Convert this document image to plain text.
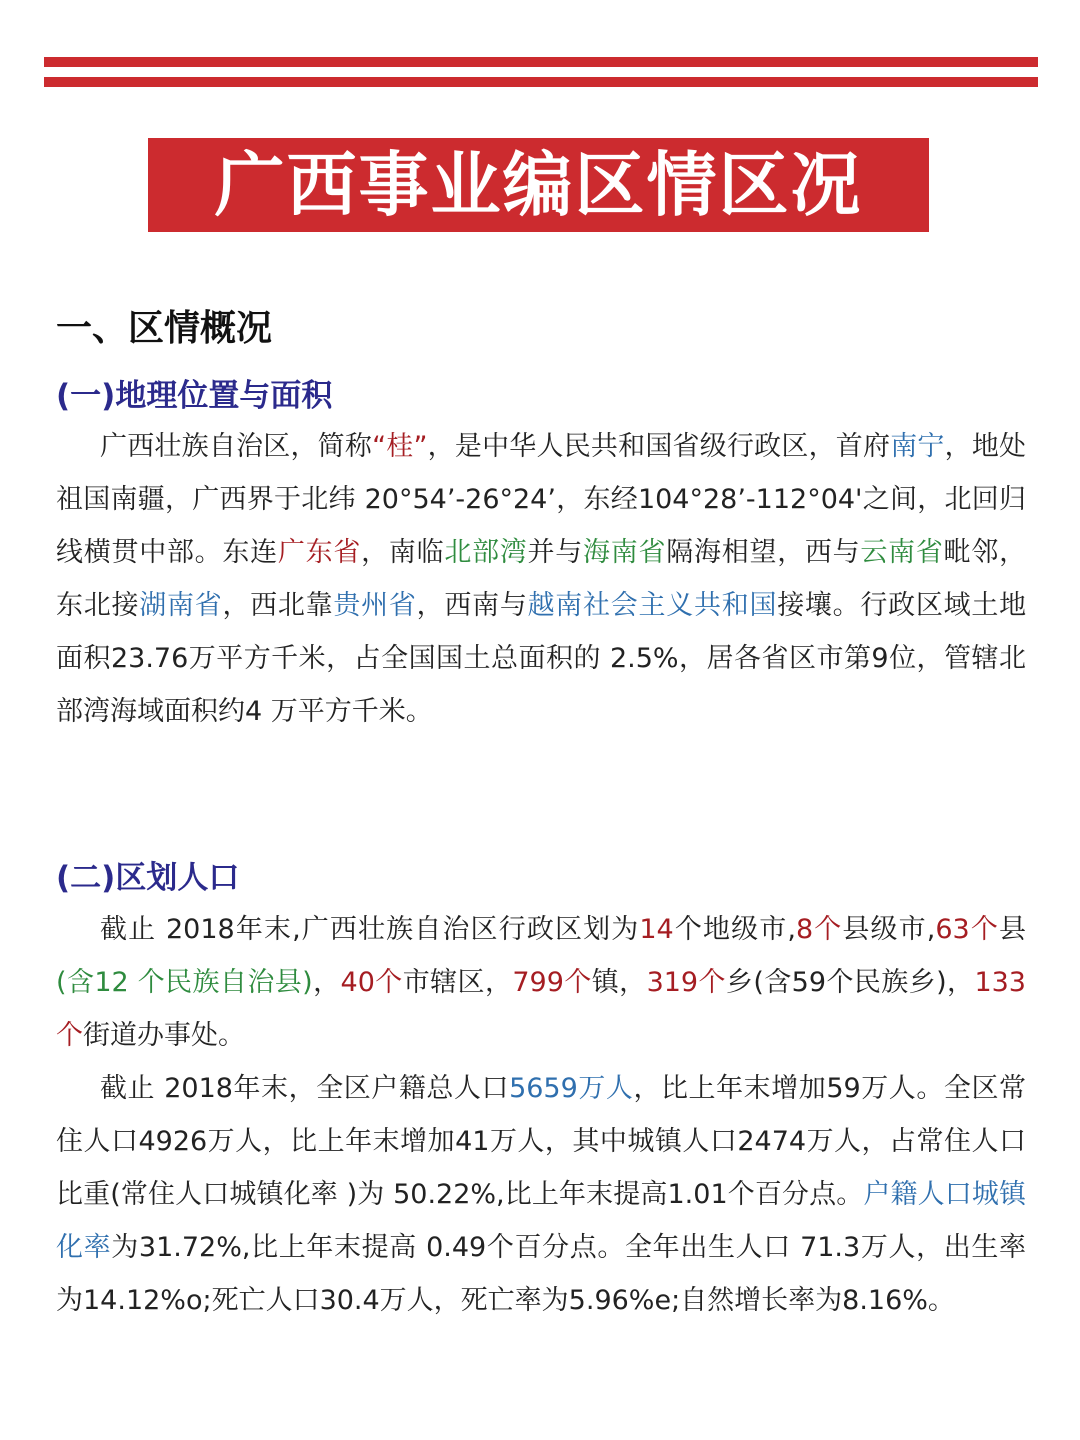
广西事业编区情区况
一、区情概况
(一)地理位置与面积

广西壮族自治区，简称“桂”，是中华人民共和国省级行政区，首府南宁，地处祖国南疆，广西界于北纬 20°54’-26°24’，东经104°28’-112°04'之间，北回归线横贯中部。东连广东省，南临北部湾并与海南省隔海相望，西与云南省毗邻，东北接湖南省，西北靠贵州省，西南与越南社会主义共和国接壤。行政区域土地面积23.76万平方千米，占全国国土总面积的 2.5%，居各省区市第9位，管辖北部湾海域面积约4 万平方千米。

(二)区划人口

截止 2018年末,广西壮族自治区行政区划为14个地级市,8个县级市,63个县(含12 个民族自治县)，40个市辖区，799个镇，319个乡(含59个民族乡)，133个街道办事处。

截止 2018年末，全区户籍总人口5659万人，比上年末增加59万人。全区常住人口4926万人，比上年末增加41万人，其中城镇人口2474万人，占常住人口比重(常住人口城镇化率 )为 50.22%,比上年末提高1.01个百分点。户籍人口城镇化率为31.72%,比上年末提高 0.49个百分点。全年出生人口 71.3万人，出生率为14.12%o;死亡人口30.4万人，死亡率为5.96%e;自然增长率为8.16%。
